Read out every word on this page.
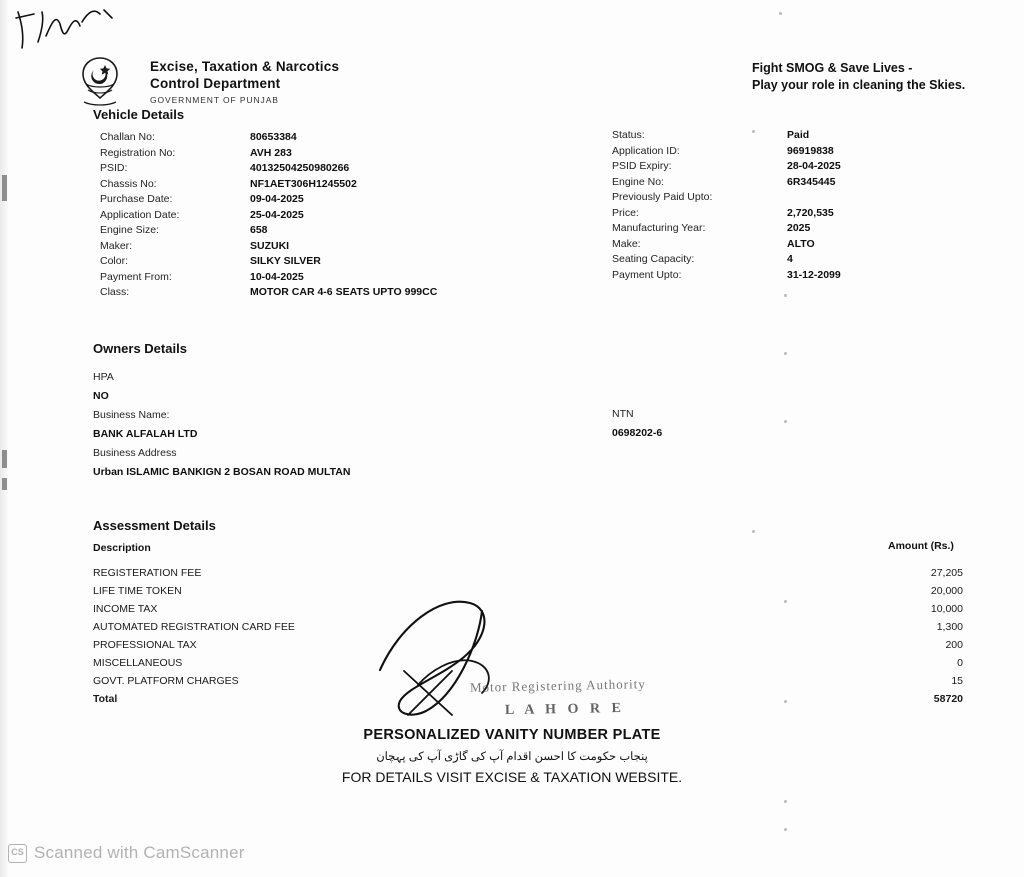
Excise, Taxation & Narcotics
Control Department
GOVERNMENT OF PUNJAB
Fight SMOG & Save Lives -
Play your role in cleaning the Skies.
Vehicle Details
Challan No:	80653384
Registration No:	AVH 283
PSID:	40132504250980266
Chassis No:	NF1AET306H1245502
Purchase Date:	09-04-2025
Application Date:	25-04-2025
Engine Size:	658
Maker:	SUZUKI
Color:	SILKY SILVER
Payment From:	10-04-2025
Class:	MOTOR CAR 4-6 SEATS UPTO 999CC
Status:	Paid
Application ID:	96919838
PSID Expiry:	28-04-2025
Engine No:	6R345445
Previously Paid Upto:
Price:	2,720,535
Manufacturing Year:	2025
Make:	ALTO
Seating Capacity:	4
Payment Upto:	31-12-2099
Owners Details
HPA
NO
Business Name:
BANK ALFALAH LTD
Business Address
Urban ISLAMIC BANKIGN 2 BOSAN ROAD MULTAN
NTN
0698202-6
Assessment Details
Description	Amount (Rs.)
REGISTERATION FEE	27,205
LIFE TIME TOKEN	20,000
INCOME TAX	10,000
AUTOMATED REGISTRATION CARD FEE	1,300
PROFESSIONAL TAX	200
MISCELLANEOUS	0
GOVT. PLATFORM CHARGES	15
Total	58720
Motor Registering Authority
L A H O R E
PERSONALIZED VANITY NUMBER PLATE
پنجاب حکومت کا احسن اقدام آپ کی گاڑی آپ کی پہچان
FOR DETAILS VISIT EXCISE & TAXATION WEBSITE.
CS Scanned with CamScanner
